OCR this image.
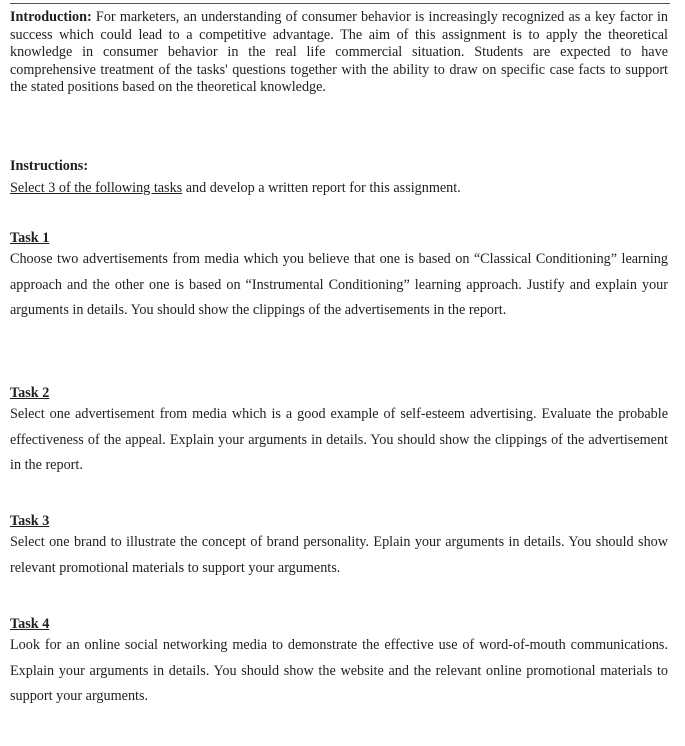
Introduction: For marketers, an understanding of consumer behavior is increasingly recognized as a key factor in success which could lead to a competitive advantage. The aim of this assignment is to apply the theoretical knowledge in consumer behavior in the real life commercial situation. Students are expected to have comprehensive treatment of the tasks' questions together with the ability to draw on specific case facts to support the stated positions based on the theoretical knowledge.

Instructions:
Select 3 of the following tasks and develop a written report for this assignment.
Task 1
Choose two advertisements from media which you believe that one is based on “Classical Conditioning” learning approach and the other one is based on “Instrumental Conditioning” learning approach. Justify and explain your arguments in details. You should show the clippings of the advertisements in the report.
Task 2
Select one advertisement from media which is a good example of self-esteem advertising. Evaluate the probable effectiveness of the appeal. Explain your arguments in details. You should show the clippings of the advertisement in the report.
Task 3
Select one brand to illustrate the concept of brand personality. Eplain your arguments in details. You should show relevant promotional materials to support your arguments.
Task 4
Look for an online social networking media to demonstrate the effective use of word-of-mouth communications. Explain your arguments in details. You should show the website and the relevant online promotional materials to support your arguments.
